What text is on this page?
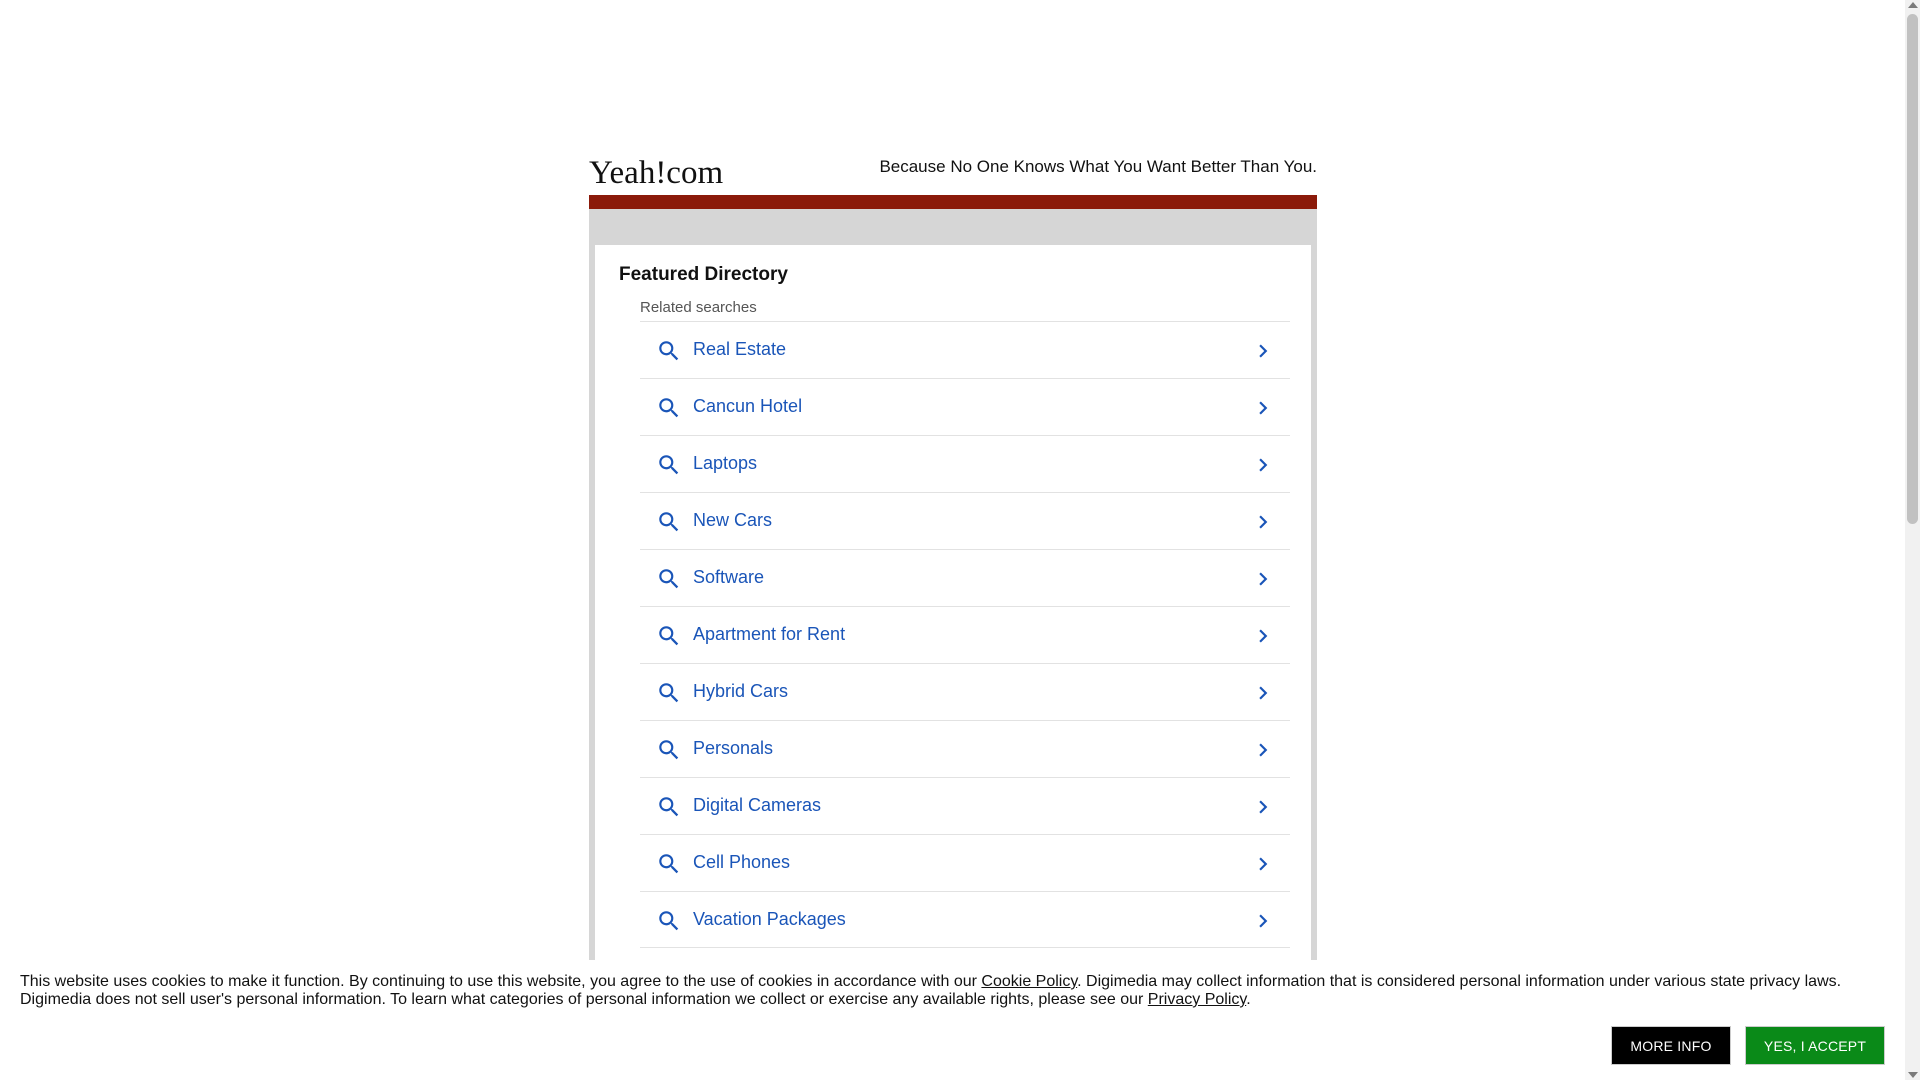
Yeah!com	Because No One Knows What You Want Better Than You.
Featured Directory
Related searches
Real Estate
Cancun Hotel
Laptops
New Cars
Software
Apartment for Rent
Hybrid Cars
Personals
Digital Cameras
Cell Phones
Vacation Packages
This website uses cookies to make it function. By continuing to use this website, you agree to the use of cookies in accordance with our Cookie Policy. Digimedia may collect information that is considered personal information under various state privacy laws. Digimedia does not sell user's personal information. To learn what categories of personal information we collect or exercise any available rights, please see our Privacy Policy.
MORE INFO	YES, I ACCEPT
